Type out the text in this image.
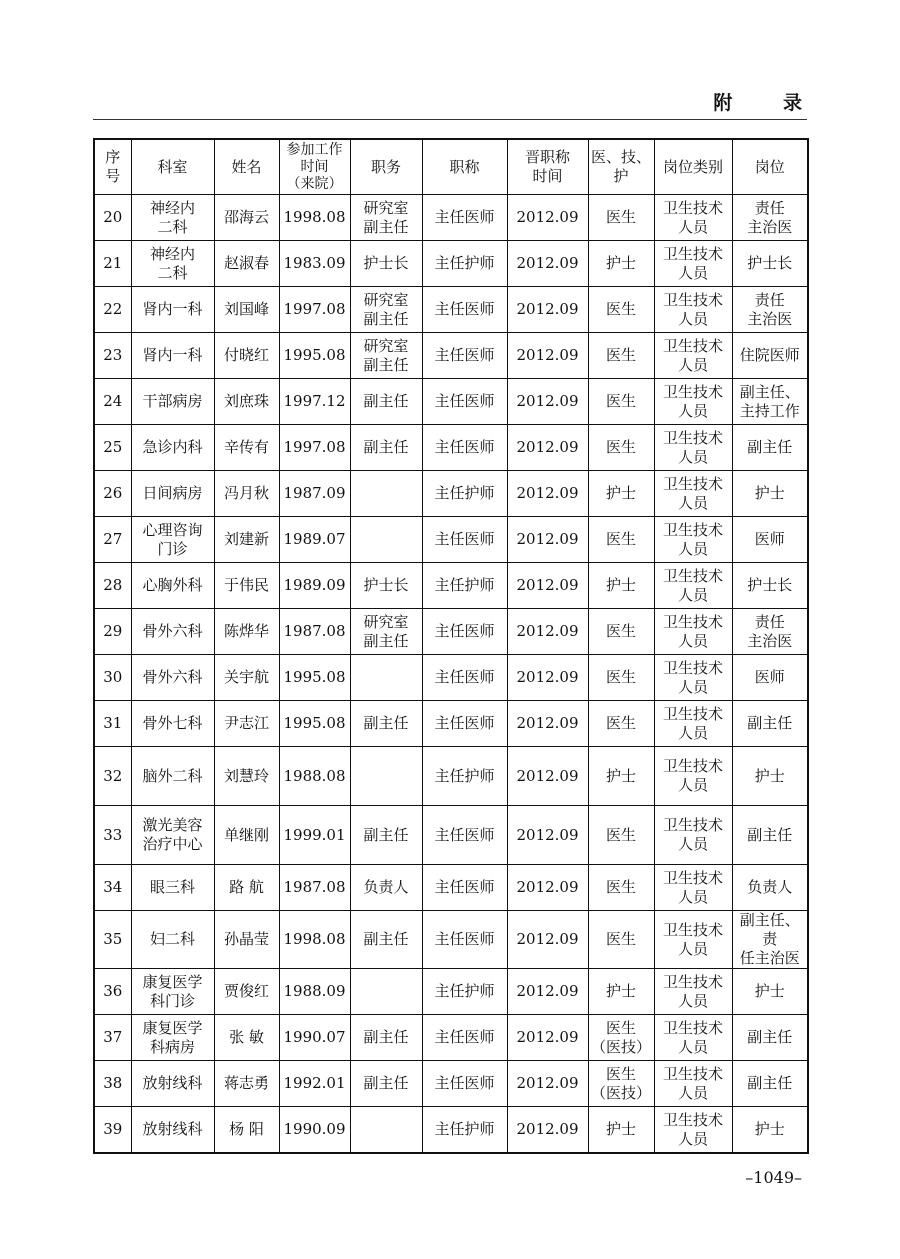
附 录
序
号	科室	姓名	参加工作
时间
（来院）	职务	职称	晋职称
时间	医、技、
护	岗位类别	岗位
20	神经内
二科	邵海云	1998.08	研究室
副主任	主任医师	2012.09	医生	卫生技术
人员	责任
主治医
21	神经内
二科	赵淑春	1983.09	护士长	主任护师	2012.09	护士	卫生技术
人员	护士长
22	肾内一科	刘国峰	1997.08	研究室
副主任	主任医师	2012.09	医生	卫生技术
人员	责任
主治医
23	肾内一科	付晓红	1995.08	研究室
副主任	主任医师	2012.09	医生	卫生技术
人员	住院医师
24	干部病房	刘庶珠	1997.12	副主任	主任医师	2012.09	医生	卫生技术
人员	副主任、
主持工作
25	急诊内科	辛传有	1997.08	副主任	主任医师	2012.09	医生	卫生技术
人员	副主任
26	日间病房	冯月秋	1987.09		主任护师	2012.09	护士	卫生技术
人员	护士
27	心理咨询
门诊	刘建新	1989.07		主任医师	2012.09	医生	卫生技术
人员	医师
28	心胸外科	于伟民	1989.09	护士长	主任护师	2012.09	护士	卫生技术
人员	护士长
29	骨外六科	陈烨华	1987.08	研究室
副主任	主任医师	2012.09	医生	卫生技术
人员	责任
主治医
30	骨外六科	关宇航	1995.08		主任医师	2012.09	医生	卫生技术
人员	医师
31	骨外七科	尹志江	1995.08	副主任	主任医师	2012.09	医生	卫生技术
人员	副主任
32	脑外二科	刘慧玲	1988.08		主任护师	2012.09	护士	卫生技术
人员	护士
33	激光美容
治疗中心	单继刚	1999.01	副主任	主任医师	2012.09	医生	卫生技术
人员	副主任
34	眼三科	路 航	1987.08	负责人	主任医师	2012.09	医生	卫生技术
人员	负责人
35	妇二科	孙晶莹	1998.08	副主任	主任医师	2012.09	医生	卫生技术
人员	副主任、责
任主治医
36	康复医学
科门诊	贾俊红	1988.09		主任护师	2012.09	护士	卫生技术
人员	护士
37	康复医学
科病房	张 敏	1990.07	副主任	主任医师	2012.09	医生
（医技）	卫生技术
人员	副主任
38	放射线科	蒋志勇	1992.01	副主任	主任医师	2012.09	医生
（医技）	卫生技术
人员	副主任
39	放射线科	杨 阳	1990.09		主任护师	2012.09	护士	卫生技术
人员	护士
–1049–
